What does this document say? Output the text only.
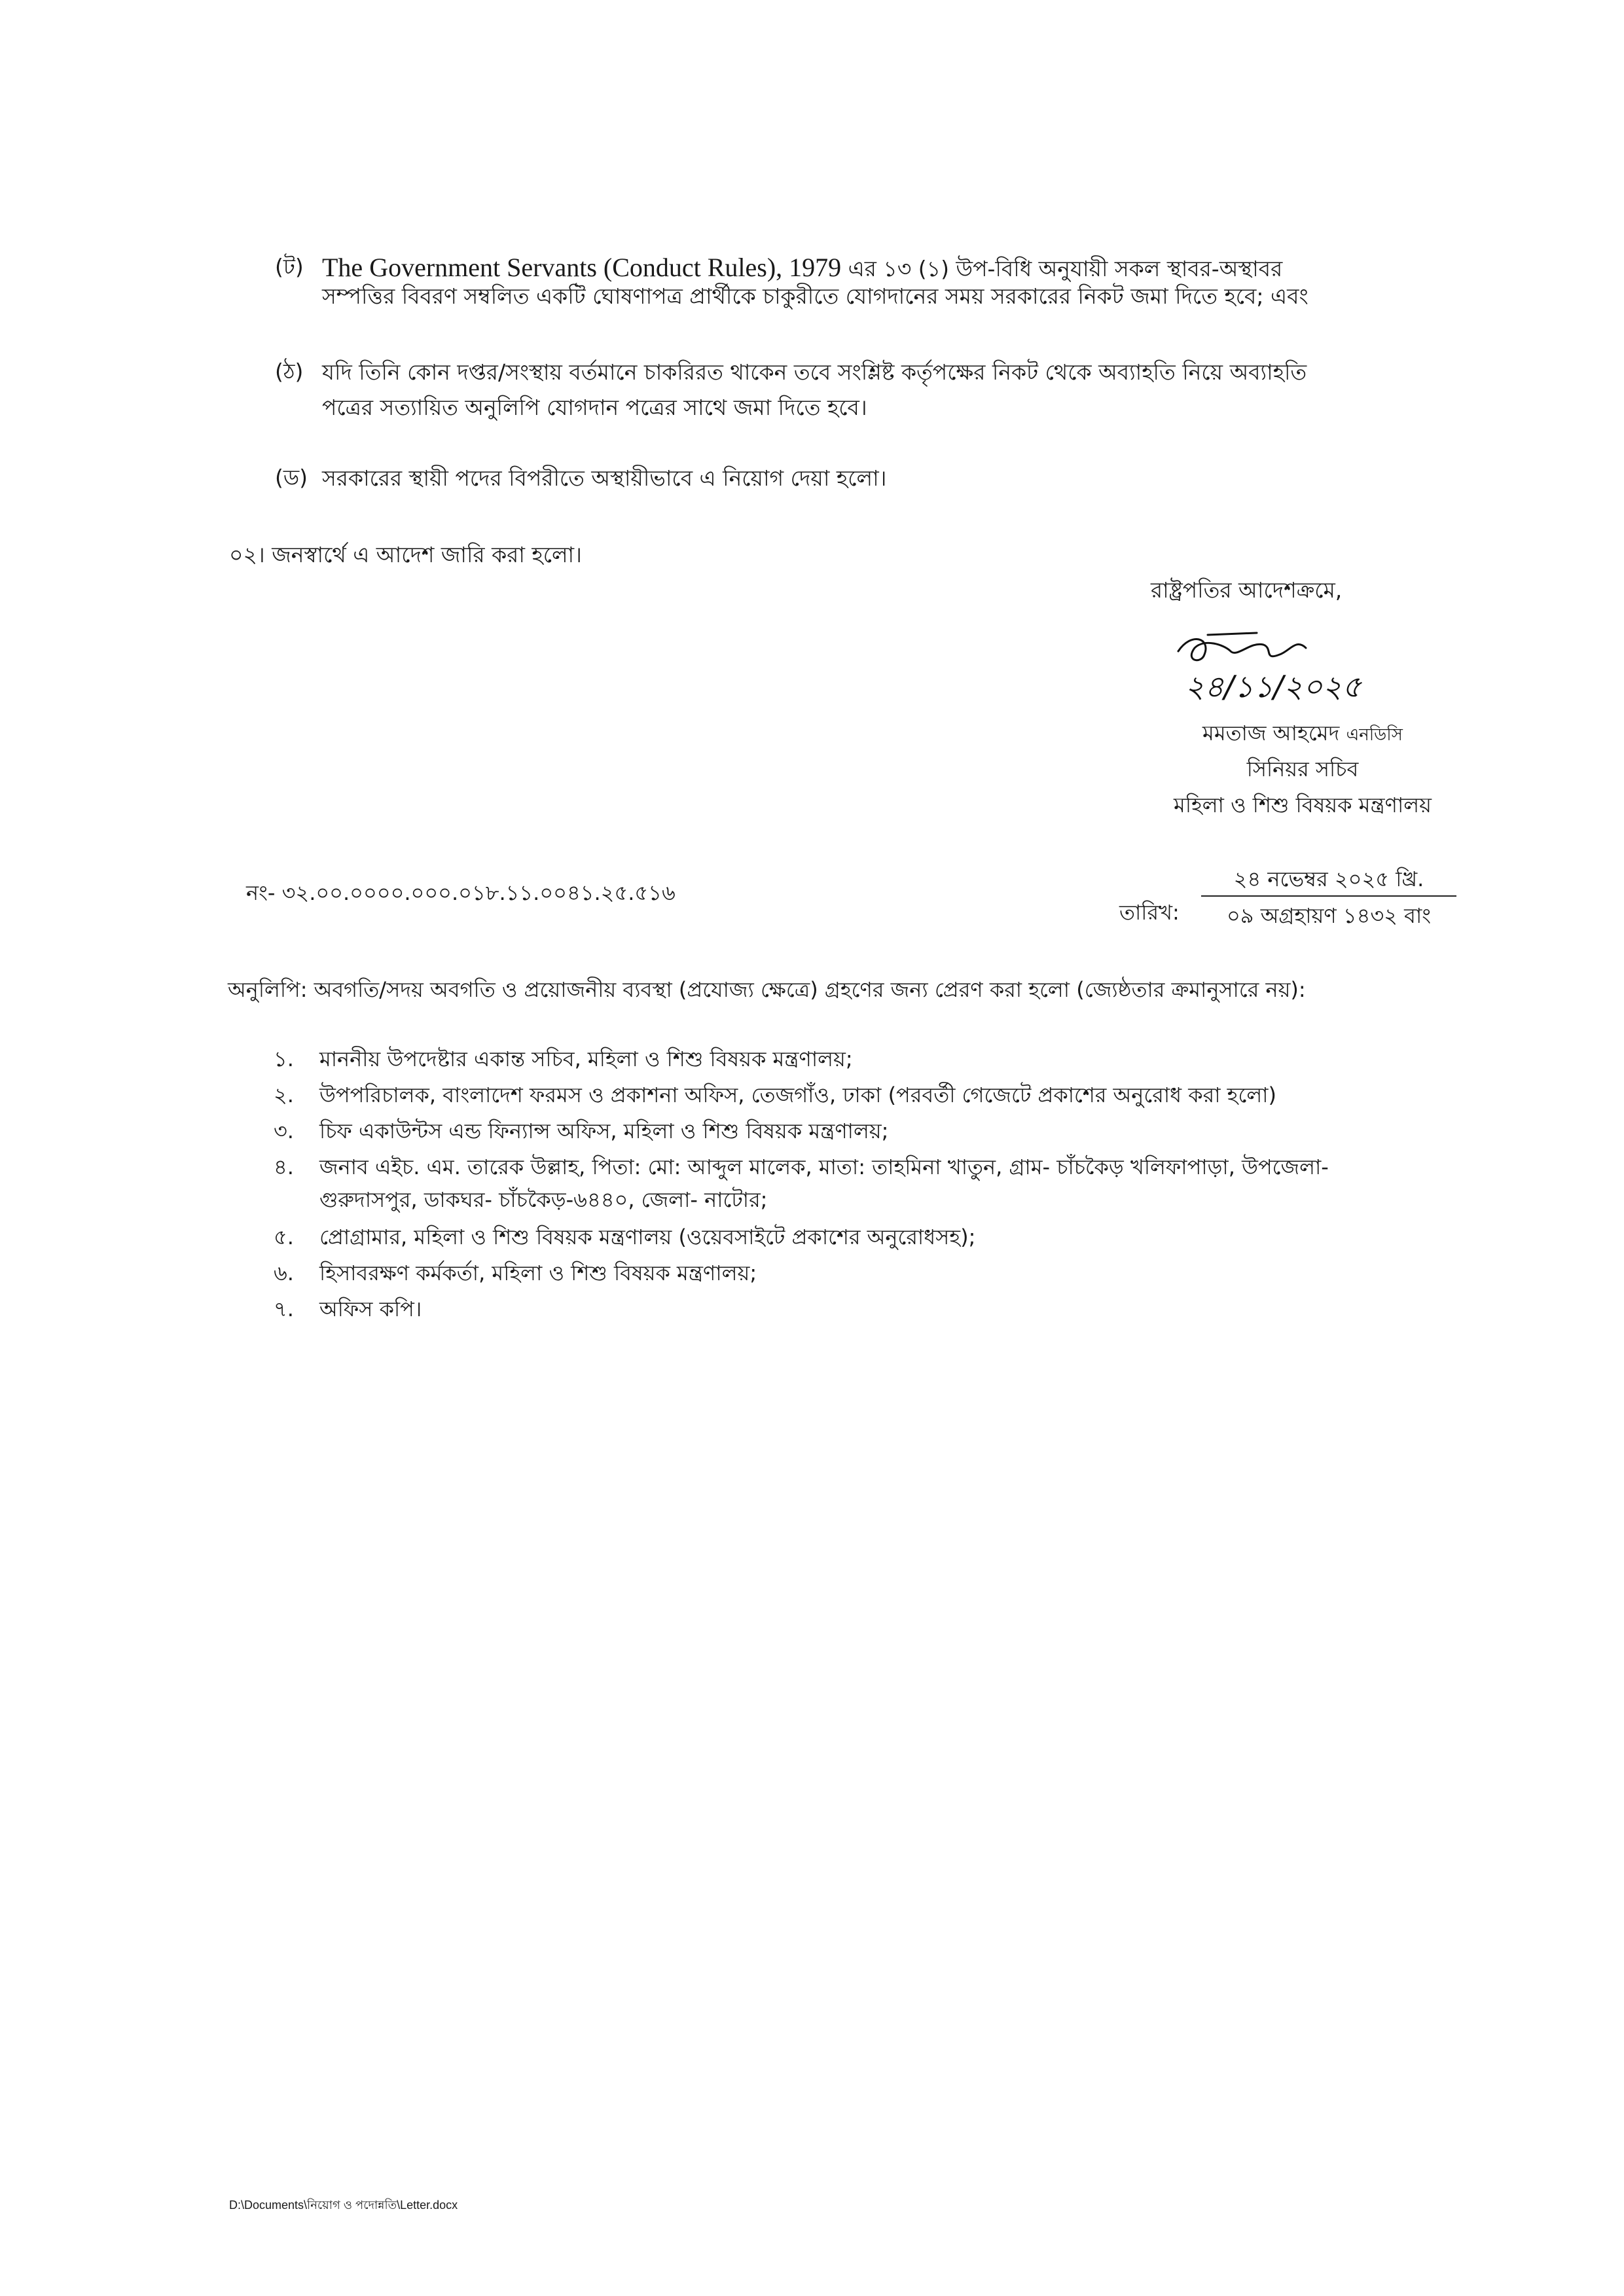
(ট) The Government Servants (Conduct Rules), 1979 এর ১৩ (১) উপ-বিধি অনুযায়ী সকল স্থাবর-অস্থাবর
সম্পত্তির বিবরণ সম্বলিত একটি ঘোষণাপত্র প্রার্থীকে চাকুরীতে যোগদানের সময় সরকারের নিকট জমা দিতে হবে; এবং
(ঠ) যদি তিনি কোন দপ্তর/সংস্থায় বর্তমানে চাকরিরত থাকেন তবে সংশ্লিষ্ট কর্তৃপক্ষের নিকট থেকে অব্যাহতি নিয়ে অব্যাহতি
পত্রের সত্যায়িত অনুলিপি যোগদান পত্রের সাথে জমা দিতে হবে।
(ড) সরকারের স্থায়ী পদের বিপরীতে অস্থায়ীভাবে এ নিয়োগ দেয়া হলো।
০২। জনস্বার্থে এ আদেশ জারি করা হলো।
রাষ্ট্রপতির আদেশক্রমে,
২৪/১১/২০২৫
মমতাজ আহমেদ এনডিসি
সিনিয়র সচিব
মহিলা ও শিশু বিষয়ক মন্ত্রণালয়
নং- ৩২.০০.০০০০.০০০.০১৮.১১.০০৪১.২৫.৫১৬
তারিখ:
২৪ নভেম্বর ২০২৫ খ্রি.
০৯ অগ্রহায়ণ ১৪৩২ বাং
অনুলিপি: অবগতি/সদয় অবগতি ও প্রয়োজনীয় ব্যবস্থা (প্রযোজ্য ক্ষেত্রে) গ্রহণের জন্য প্রেরণ করা হলো (জ্যেষ্ঠতার ক্রমানুসারে নয়):
১.	মাননীয় উপদেষ্টার একান্ত সচিব, মহিলা ও শিশু বিষয়ক মন্ত্রণালয়;
২.	উপপরিচালক, বাংলাদেশ ফরমস ও প্রকাশনা অফিস, তেজগাঁও, ঢাকা (পরবর্তী গেজেটে প্রকাশের অনুরোধ করা হলো)
৩.	চিফ একাউন্টস এন্ড ফিন্যান্স অফিস, মহিলা ও শিশু বিষয়ক মন্ত্রণালয়;
৪.	জনাব এইচ. এম. তারেক উল্লাহ, পিতা: মো: আব্দুল মালেক, মাতা: তাহমিনা খাতুন, গ্রাম- চাঁচকৈড় খলিফাপাড়া, উপজেলা-
গুরুদাসপুর, ডাকঘর- চাঁচকৈড়-৬৪৪০, জেলা- নাটোর;
৫.	প্রোগ্রামার, মহিলা ও শিশু বিষয়ক মন্ত্রণালয় (ওয়েবসাইটে প্রকাশের অনুরোধসহ);
৬.	হিসাবরক্ষণ কর্মকর্তা, মহিলা ও শিশু বিষয়ক মন্ত্রণালয়;
৭.	অফিস কপি।
D:\Documents\নিয়োগ ও পদোন্নতি\Letter.docx
